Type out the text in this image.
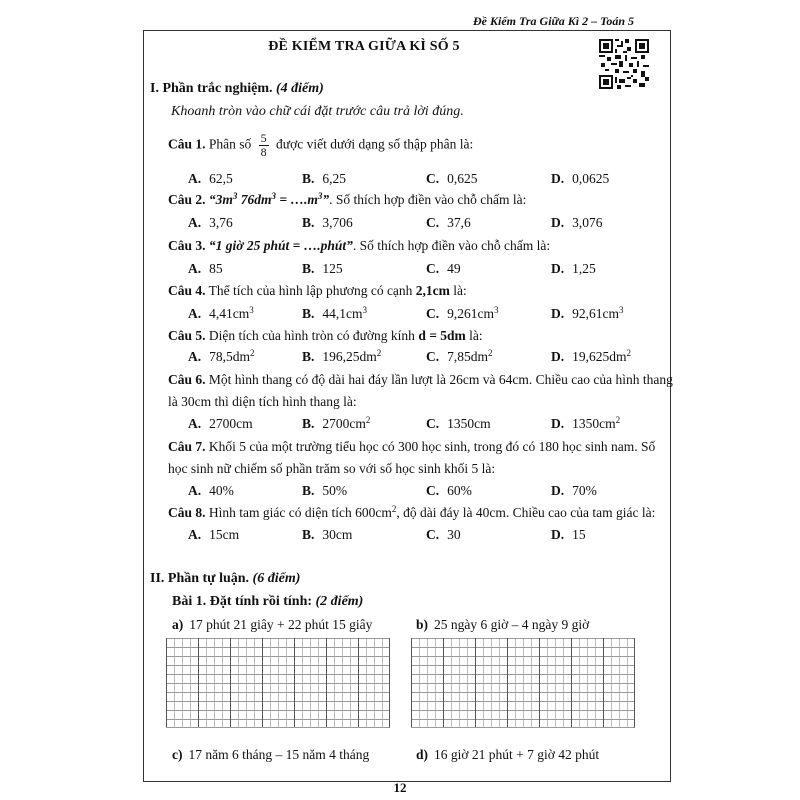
Đề Kiểm Tra Giữa Kì 2 – Toán 5
ĐỀ KIỂM TRA GIỮA KÌ SỐ 5
I. Phần trắc nghiệm. (4 điểm)
Khoanh tròn vào chữ cái đặt trước câu trả lời đúng.
Câu 1. Phân số $\frac{5}{8}$ được viết dưới dạng số thập phân là:
A. 62,5	B. 6,25	C. 0,625	D. 0,0625
Câu 2. “$3m^3$ $76dm^3$ = $\dots.m^3$”. Số thích hợp điền vào chỗ chấm là:
A. 3,76	B. 3,706	C. 37,6	D. 3,076
Câu 3. “1 giờ 25 phút = ….phút”. Số thích hợp điền vào chỗ chấm là:
A. 85	B. 125	C. 49	D. 1,25
Câu 4. Thể tích của hình lập phương có cạnh 2,1cm là:
A. $4,41cm^3$	B. $44,1cm^3$	C. $9,261cm^3$	D. $92,61cm^3$
Câu 5. Diện tích của hình tròn có đường kính d = 5dm là:
A. $78,5dm^2$	B. $196,25dm^2$	C. $7,85dm^2$	D. $19,625dm^2$
Câu 6. Một hình thang có độ dài hai đáy lần lượt là 26cm và 64cm. Chiều cao của hình thang
là 30cm thì diện tích hình thang là:
A. 2700cm	B. $2700cm^2$	C. 1350cm	D. $1350cm^2$
Câu 7. Khối 5 của một trường tiểu học có 300 học sinh, trong đó có 180 học sinh nam. Số
học sinh nữ chiếm số phần trăm so với số học sinh khối 5 là:
A. 40%	B. 50%	C. 60%	D. 70%
Câu 8. Hình tam giác có diện tích $600cm^2$, độ dài đáy là 40cm. Chiều cao của tam giác là:
A. 15cm	B. 30cm	C. 30	D. 15
II. Phần tự luận. (6 điểm)
Bài 1. Đặt tính rồi tính: (2 điểm)
a) 17 phút 21 giây + 22 phút 15 giây	b) 25 ngày 6 giờ – 4 ngày 9 giờ
c) 17 năm 6 tháng – 15 năm 4 tháng	d) 16 giờ 21 phút + 7 giờ 42 phút
12
